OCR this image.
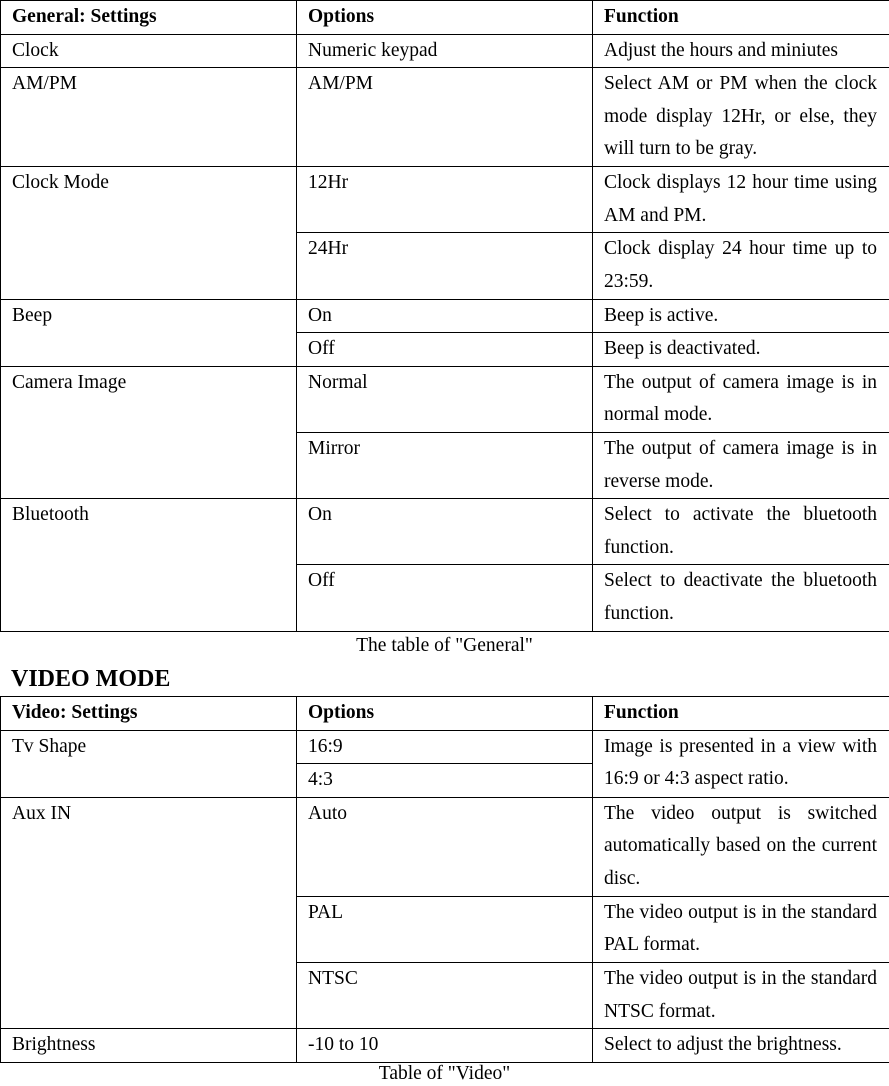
General: Settings	Options	Function
Clock	Numeric keypad	Adjust the hours and miniutes
AM/PM	AM/PM	Select AM or PM when the clock mode display 12Hr, or else, they will turn to be gray.
Clock Mode	12Hr	Clock displays 12 hour time using AM and PM.
	24Hr	Clock display 24 hour time up to 23:59.
Beep	On	Beep is active.
	Off	Beep is deactivated.
Camera Image	Normal	The output of camera image is in normal mode.
	Mirror	The output of camera image is in reverse mode.
Bluetooth	On	Select to activate the bluetooth function.
	Off	Select to deactivate the bluetooth function.
The table of "General"
VIDEO MODE
Video: Settings	Options	Function
Tv Shape	16:9	Image is presented in a view with 16:9 or 4:3 aspect ratio.
	4:3	
Aux IN	Auto	The video output is switched automatically based on the current disc.
	PAL	The video output is in the standard PAL format.
	NTSC	The video output is in the standard NTSC format.
Brightness	-10 to 10	Select to adjust the brightness.
Table of "Video"
